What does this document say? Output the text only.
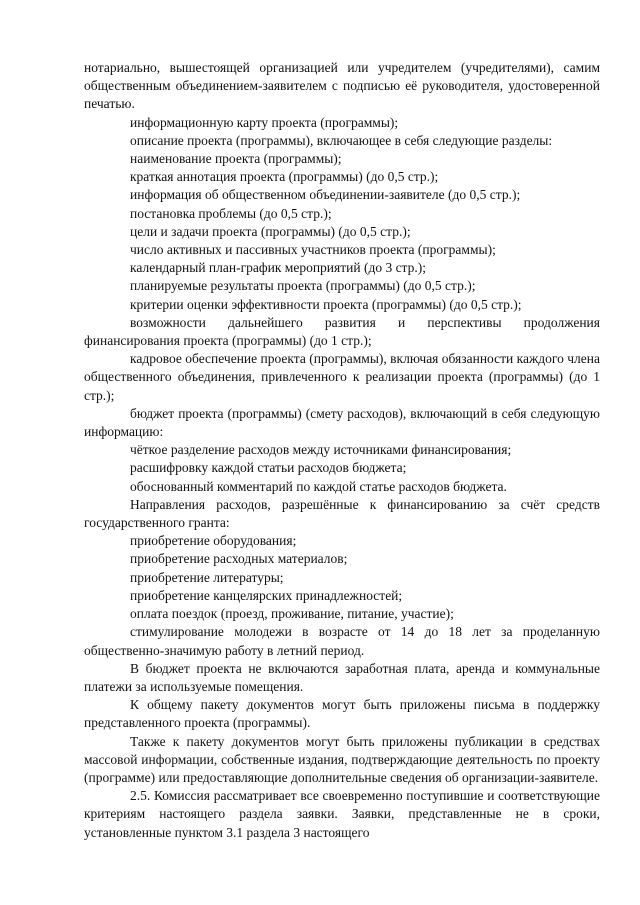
нотариально, вышестоящей организацией или учредителем (учредителями), самим общественным объединением-заявителем с подписью её руководителя, удостоверенной печатью.

информационную карту проекта (программы);

описание проекта (программы), включающее в себя следующие разделы:

наименование проекта (программы);

краткая аннотация проекта (программы) (до 0,5 стр.);

информация об общественном объединении-заявителе (до 0,5 стр.);

постановка проблемы (до 0,5 стр.);

цели и задачи проекта (программы) (до 0,5 стр.);

число активных и пассивных участников проекта (программы);

календарный план-график мероприятий (до 3 стр.);

планируемые результаты проекта (программы) (до 0,5 стр.);

критерии оценки эффективности проекта (программы) (до 0,5 стр.);

возможности дальнейшего развития и перспективы продолжения финансирования проекта (программы) (до 1 стр.);

кадровое обеспечение проекта (программы), включая обязанности каждого члена общественного объединения, привлеченного к реализации проекта (программы) (до 1 стр.);

бюджет проекта (программы) (смету расходов), включающий в себя следующую информацию:

чёткое разделение расходов между источниками финансирования;

расшифровку каждой статьи расходов бюджета;

обоснованный комментарий по каждой статье расходов бюджета.

Направления расходов, разрешённые к финансированию за счёт средств государственного гранта:

приобретение оборудования;

приобретение расходных материалов;

приобретение литературы;

приобретение канцелярских принадлежностей;

оплата поездок (проезд, проживание, питание, участие);

стимулирование молодежи в возрасте от 14 до 18 лет за проделанную общественно-значимую работу в летний период.

В бюджет проекта не включаются заработная плата, аренда и коммунальные платежи за используемые помещения.

К общему пакету документов могут быть приложены письма в поддержку представленного проекта (программы).

Также к пакету документов могут быть приложены публикации в средствах массовой информации, собственные издания, подтверждающие деятельность по проекту (программе) или предоставляющие дополнительные сведения об организации-заявителе.

2.5. Комиссия рассматривает все своевременно поступившие и соответствующие критериям настоящего раздела заявки. Заявки, представленные не в сроки, установленные пунктом 3.1 раздела 3 настоящего
